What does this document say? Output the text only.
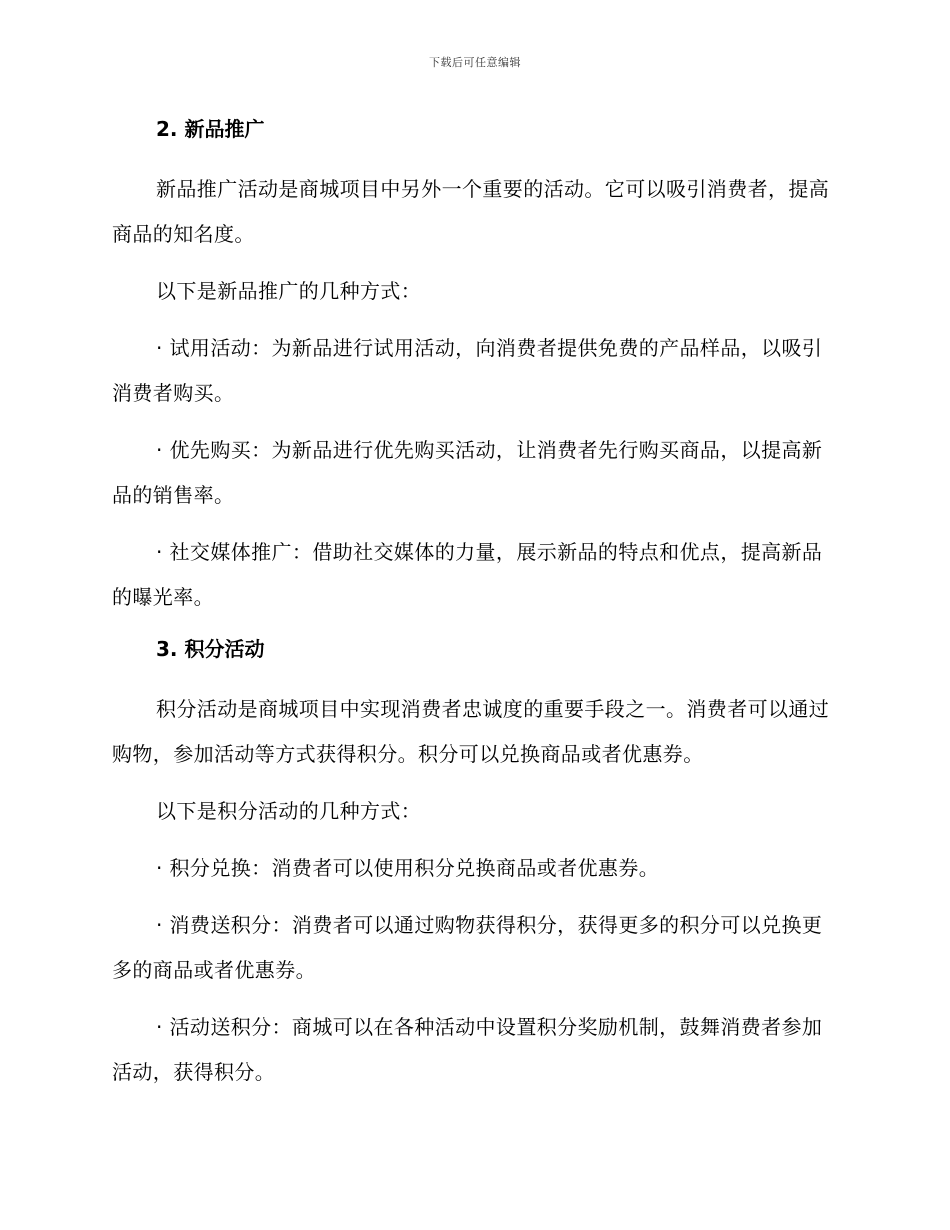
下载后可任意编辑
2. 新品推广

新品推广活动是商城项目中另外一个重要的活动。它可以吸引消费者，提高商品的知名度。

以下是新品推广的几种方式：

· 试用活动：为新品进行试用活动，向消费者提供免费的产品样品，以吸引消费者购买。

· 优先购买：为新品进行优先购买活动，让消费者先行购买商品，以提高新品的销售率。

· 社交媒体推广：借助社交媒体的力量，展示新品的特点和优点，提高新品的曝光率。

3. 积分活动

积分活动是商城项目中实现消费者忠诚度的重要手段之一。消费者可以通过购物，参加活动等方式获得积分。积分可以兑换商品或者优惠券。

以下是积分活动的几种方式：

· 积分兑换：消费者可以使用积分兑换商品或者优惠券。

· 消费送积分：消费者可以通过购物获得积分，获得更多的积分可以兑换更多的商品或者优惠券。

· 活动送积分：商城可以在各种活动中设置积分奖励机制，鼓舞消费者参加活动，获得积分。
